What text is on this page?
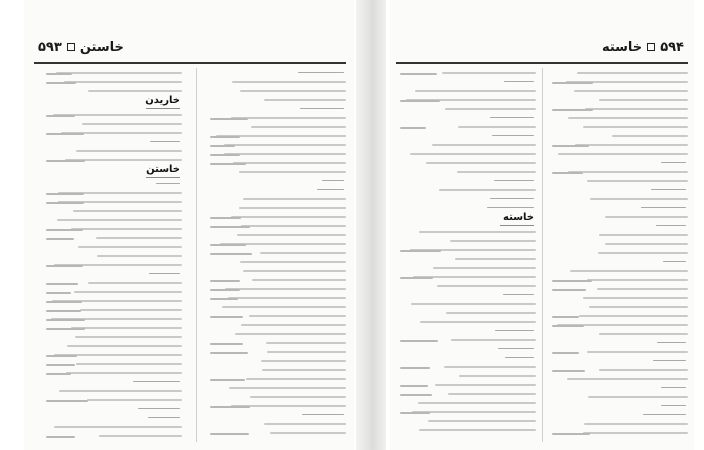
خاستن
۵۹۳
خاریدن
خاستن
۵۹۴
خاسته
خاسته
